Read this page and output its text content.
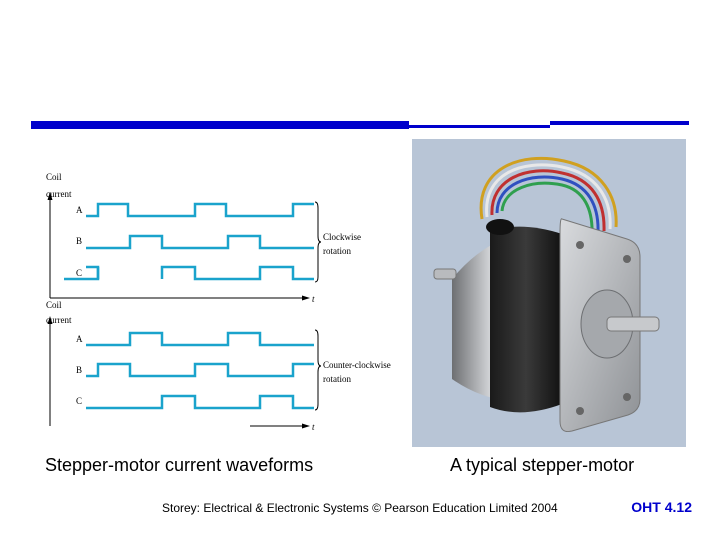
Coil
current
A
B
C
t
Clockwise
rotation
Coil
current
A
B
C
t
Counter-clockwise
rotation
Stepper-motor current waveforms	A typical stepper-motor
Storey: Electrical & Electronic Systems © Pearson Education Limited 2004	OHT 4.12
